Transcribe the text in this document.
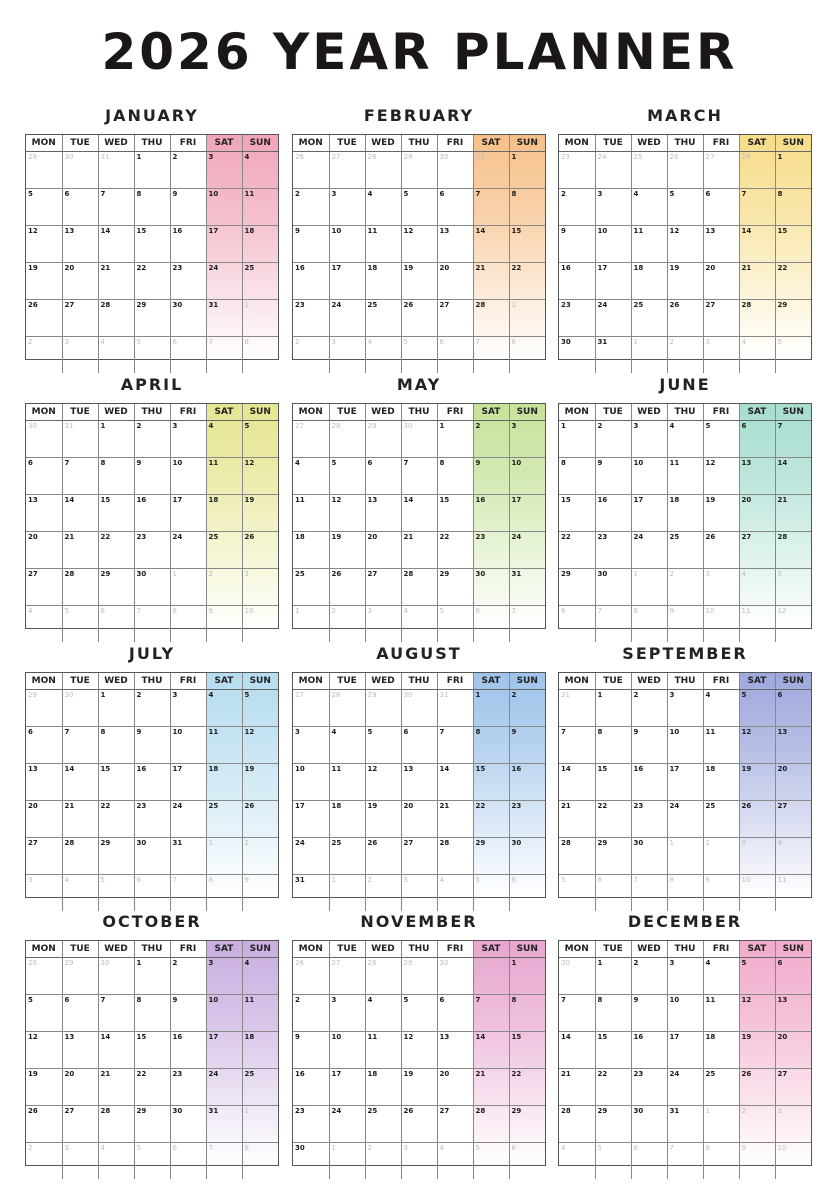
2026 YEAR PLANNER
JANUARY
MON	TUE	WED	THU	FRI	SAT	SUN

29	30	31	1	2	3	4

5	6	7	8	9	10	11

12	13	14	15	16	17	18

19	20	21	22	23	24	25

26	27	28	29	30	31	1

2	3	4	5	6	7	8
FEBRUARY
MON	TUE	WED	THU	FRI	SAT	SUN

26	27	28	29	30	31	1

2	3	4	5	6	7	8

9	10	11	12	13	14	15

16	17	18	19	20	21	22

23	24	25	26	27	28	1

2	3	4	5	6	7	8
MARCH
MON	TUE	WED	THU	FRI	SAT	SUN

23	24	25	26	27	28	1

2	3	4	5	6	7	8

9	10	11	12	13	14	15

16	17	18	19	20	21	22

23	24	25	26	27	28	29

30	31	1	2	3	4	5
APRIL
MON	TUE	WED	THU	FRI	SAT	SUN

30	31	1	2	3	4	5

6	7	8	9	10	11	12

13	14	15	16	17	18	19

20	21	22	23	24	25	26

27	28	29	30	1	2	3

4	5	6	7	8	9	10
MAY
MON	TUE	WED	THU	FRI	SAT	SUN

27	28	29	30	1	2	3

4	5	6	7	8	9	10

11	12	13	14	15	16	17

18	19	20	21	22	23	24

25	26	27	28	29	30	31

1	2	3	4	5	6	7
JUNE
MON	TUE	WED	THU	FRI	SAT	SUN

1	2	3	4	5	6	7

8	9	10	11	12	13	14

15	16	17	18	19	20	21

22	23	24	25	26	27	28

29	30	1	2	3	4	5

6	7	8	9	10	11	12
JULY
MON	TUE	WED	THU	FRI	SAT	SUN

29	30	1	2	3	4	5

6	7	8	9	10	11	12

13	14	15	16	17	18	19

20	21	22	23	24	25	26

27	28	29	30	31	1	2

3	4	5	6	7	8	9
AUGUST
MON	TUE	WED	THU	FRI	SAT	SUN

27	28	29	30	31	1	2

3	4	5	6	7	8	9

10	11	12	13	14	15	16

17	18	19	20	21	22	23

24	25	26	27	28	29	30

31	1	2	3	4	5	6
SEPTEMBER
MON	TUE	WED	THU	FRI	SAT	SUN

31	1	2	3	4	5	6

7	8	9	10	11	12	13

14	15	16	17	18	19	20

21	22	23	24	25	26	27

28	29	30	1	2	3	4

5	6	7	8	9	10	11
OCTOBER
MON	TUE	WED	THU	FRI	SAT	SUN

28	29	30	1	2	3	4

5	6	7	8	9	10	11

12	13	14	15	16	17	18

19	20	21	22	23	24	25

26	27	28	29	30	31	1

2	3	4	5	6	7	8
NOVEMBER
MON	TUE	WED	THU	FRI	SAT	SUN

26	27	28	29	30	31	1

2	3	4	5	6	7	8

9	10	11	12	13	14	15

16	17	18	19	20	21	22

23	24	25	26	27	28	29

30	1	2	3	4	5	6
DECEMBER
MON	TUE	WED	THU	FRI	SAT	SUN

30	1	2	3	4	5	6

7	8	9	10	11	12	13

14	15	16	17	18	19	20

21	22	23	24	25	26	27

28	29	30	31	1	2	3

4	5	6	7	8	9	10
